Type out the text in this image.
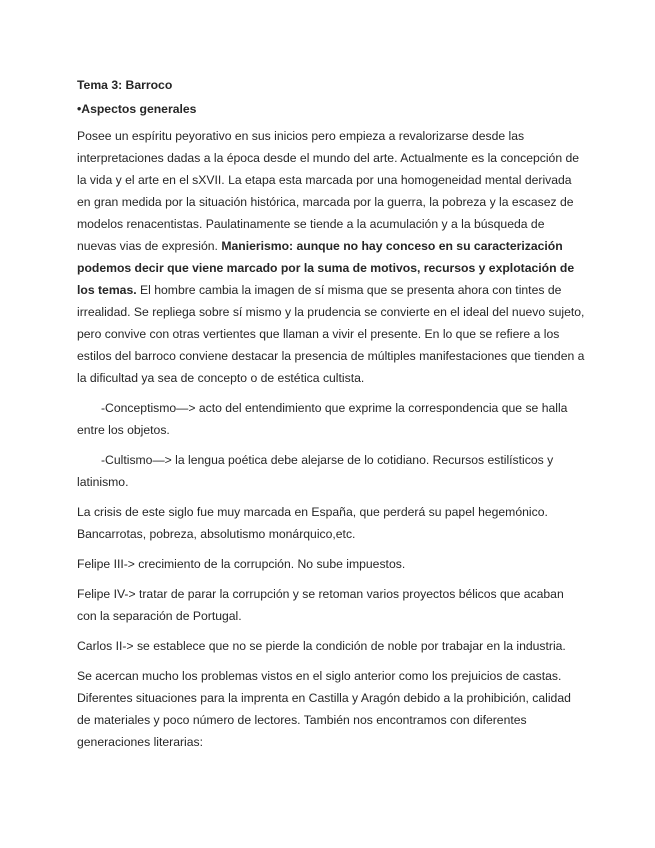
Tema 3: Barroco
•Aspectos generales

Posee un espíritu peyorativo en sus inicios pero empieza a revalorizarse desde las interpretaciones dadas a la época desde el mundo del arte. Actualmente es la concepción de la vida y el arte en el sXVII. La etapa esta marcada por una homogeneidad mental derivada en gran medida por la situación histórica, marcada por la guerra, la pobreza y la escasez de modelos renacentistas. Paulatinamente se tiende a la acumulación y a la búsqueda de nuevas vias de expresión. Manierismo: aunque no hay conceso en su caracterización podemos decir que viene marcado por la suma de motivos, recursos y explotación de los temas. El hombre cambia la imagen de sí misma que se presenta ahora con tintes de irrealidad. Se repliega sobre sí mismo y la prudencia se convierte en el ideal del nuevo sujeto, pero convive con otras vertientes que llaman a vivir el presente. En lo que se refiere a los estilos del barroco conviene destacar la presencia de múltiples manifestaciones que tienden a la dificultad ya sea de concepto o de estética cultista.

-Conceptismo—> acto del entendimiento que exprime la correspondencia que se halla entre los objetos.

-Cultismo—> la lengua poética debe alejarse de lo cotidiano. Recursos estilísticos y latinismo.

La crisis de este siglo fue muy marcada en España, que perderá su papel hegemónico. Bancarrotas, pobreza, absolutismo monárquico,etc.

Felipe III-> crecimiento de la corrupción. No sube impuestos.

Felipe IV-> tratar de parar la corrupción y se retoman varios proyectos bélicos que acaban con la separación de Portugal.

Carlos II-> se establece que no se pierde la condición de noble por trabajar en la industria.

Se acercan mucho los problemas vistos en el siglo anterior como los prejuicios de castas. Diferentes situaciones para la imprenta en Castilla y Aragón debido a la prohibición, calidad de materiales y poco número de lectores. También nos encontramos con diferentes generaciones literarias:
